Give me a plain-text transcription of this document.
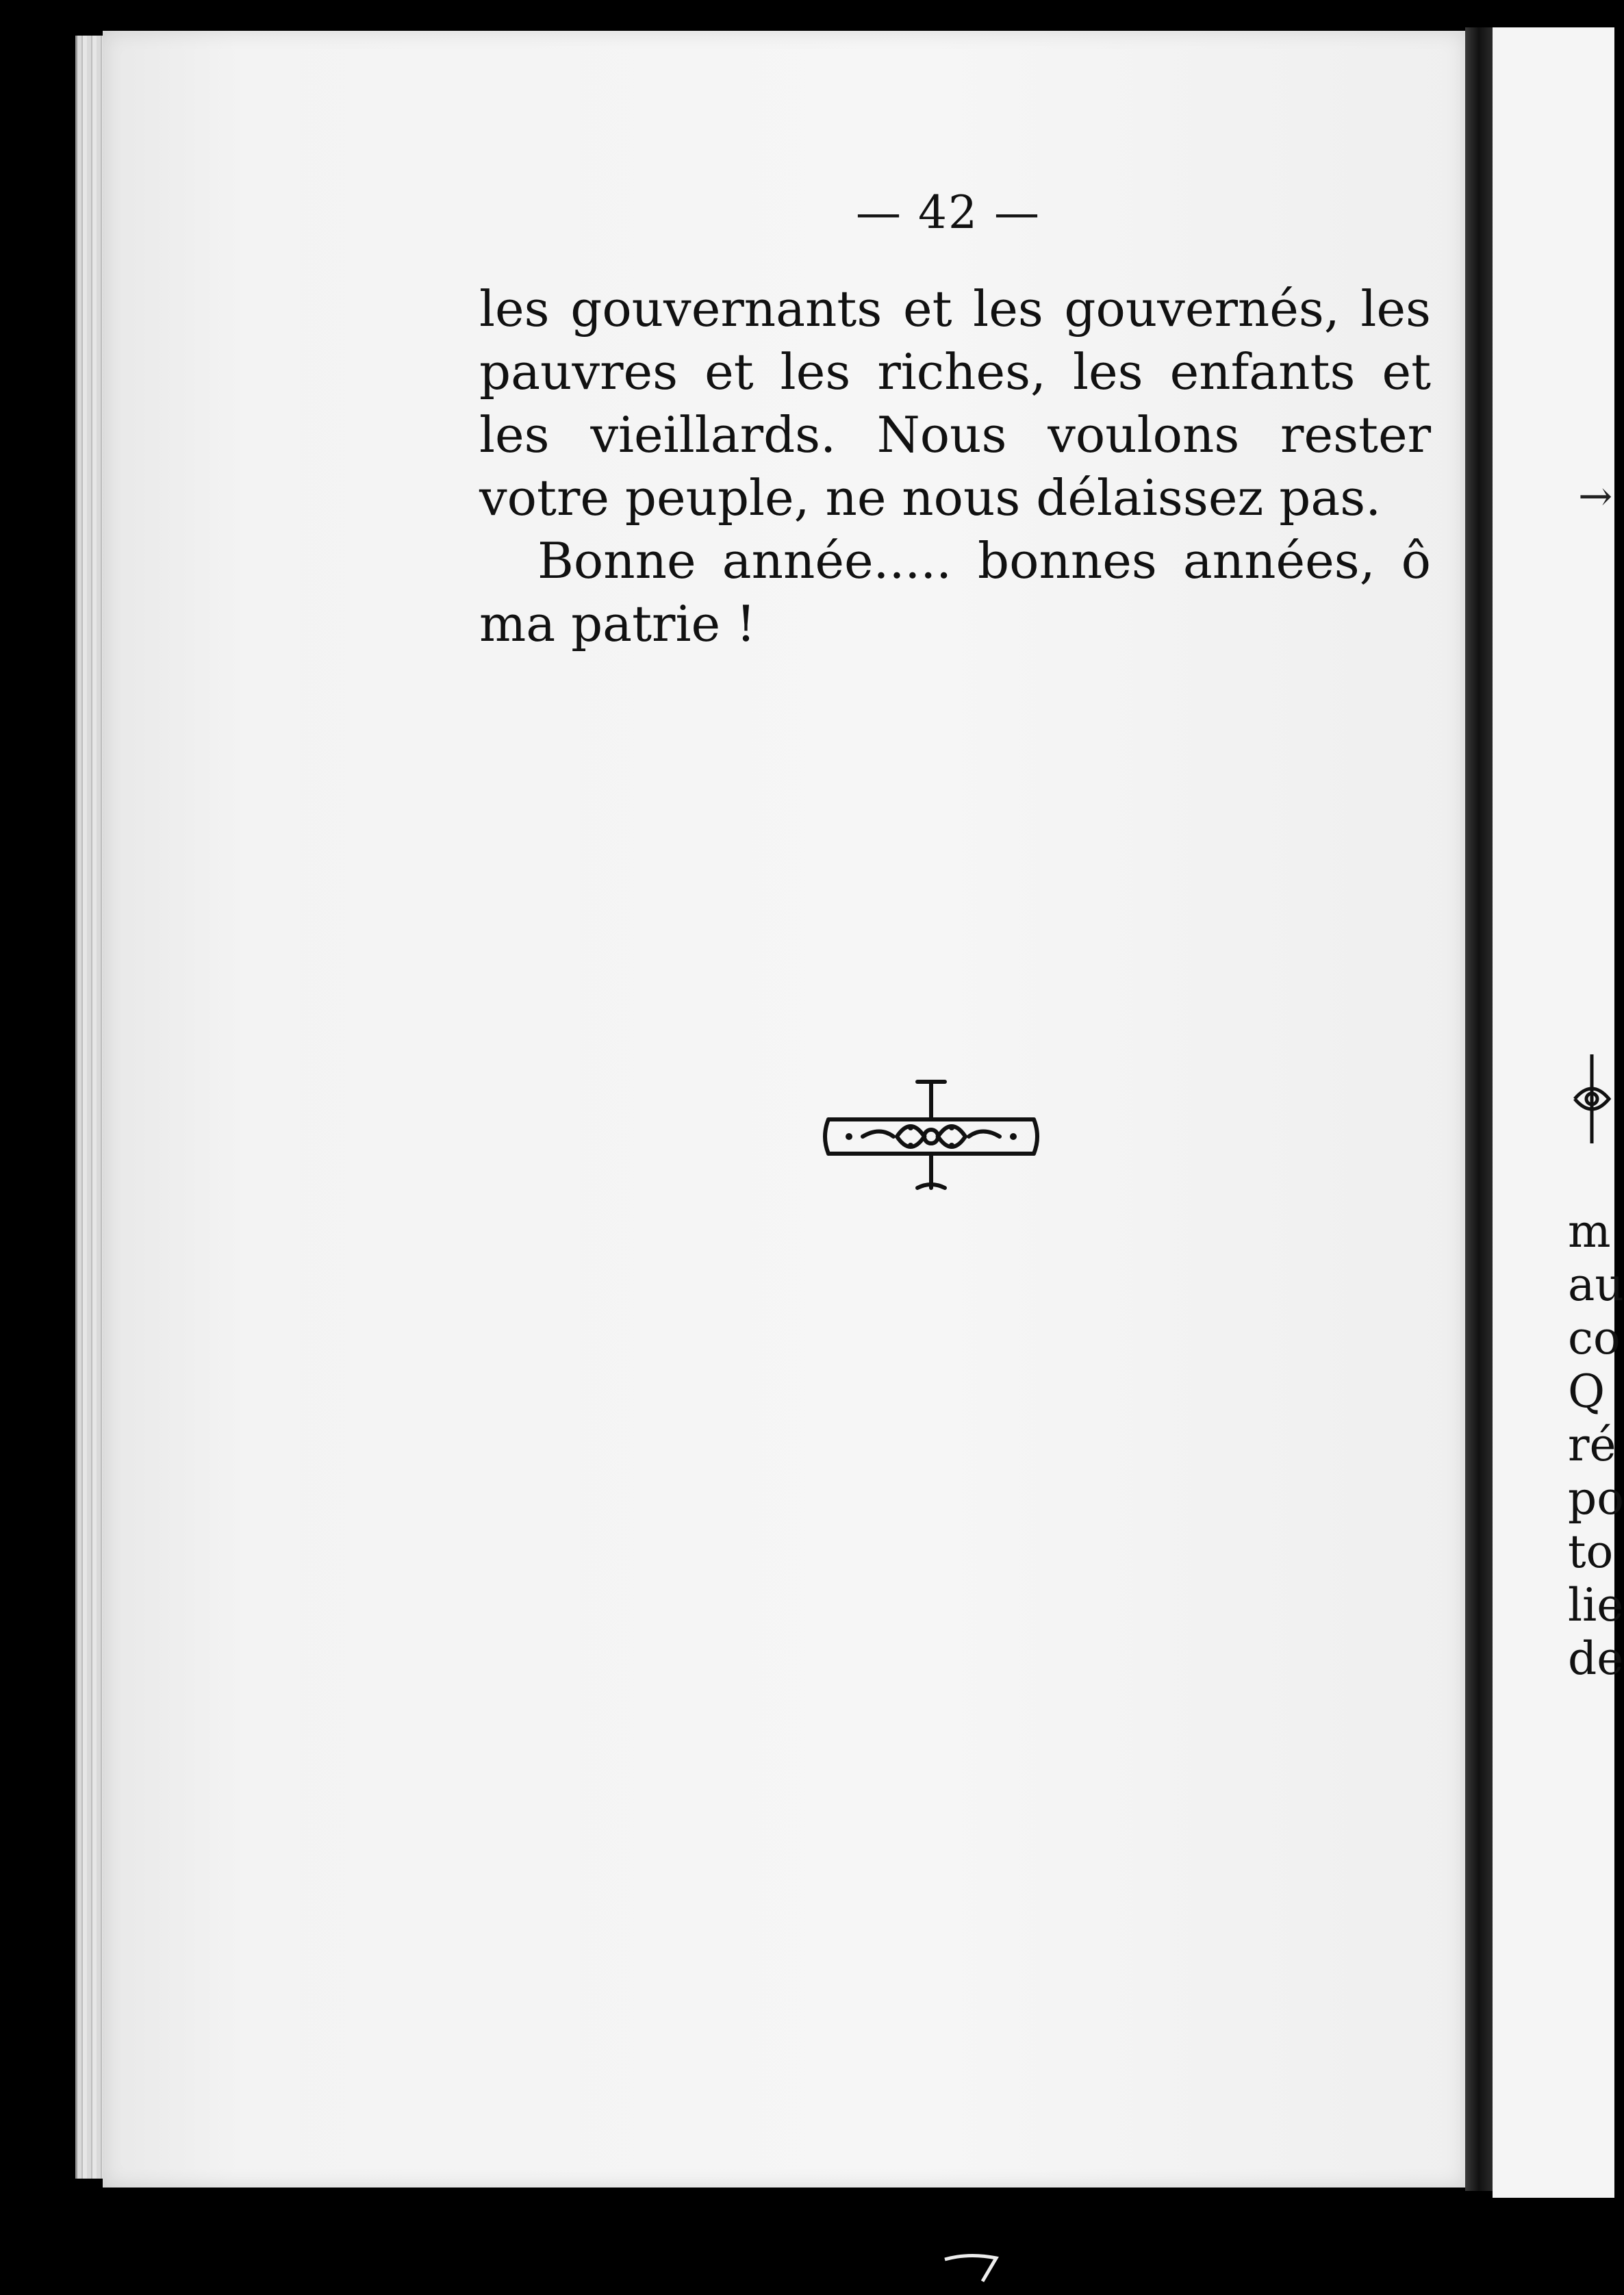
— 42 —
les gouvernants et les gouvernés, les
pauvres et les riches, les enfants et
les vieillards. Nous voulons rester
votre peuple, ne nous délaissez pas.
Bonne année..... bonnes années, ô
ma patrie !
→
m
au
co
Q
ré
po
to
lie
de
